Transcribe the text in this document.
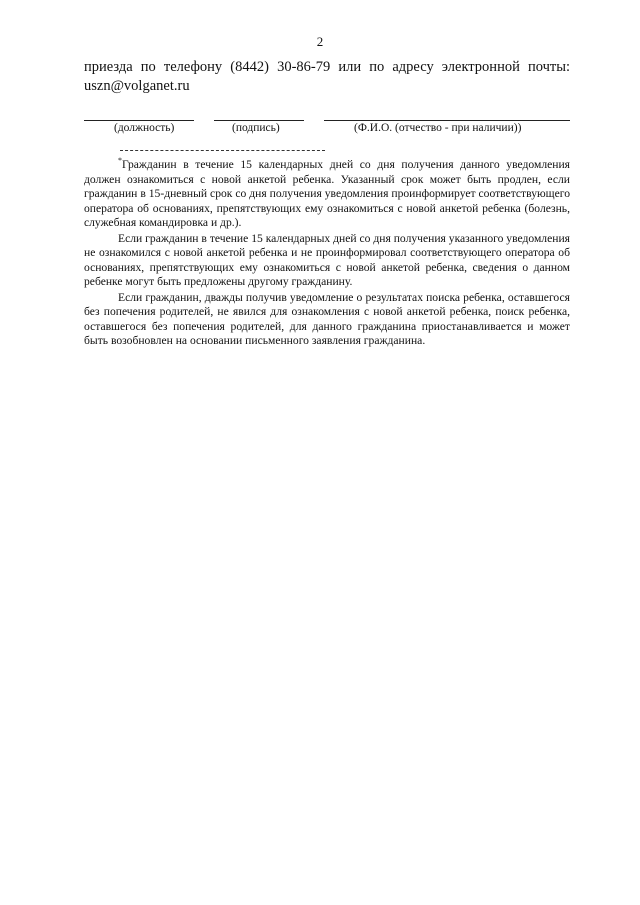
2
приезда по телефону (8442) 30-86-79 или по адресу электронной почты: uszn@volganet.ru
(должность)	(подпись)	(Ф.И.О. (отчество - при наличии))

*Гражданин в течение 15 календарных дней со дня получения данного уведомления должен ознакомиться с новой анкетой ребенка. Указанный срок может быть продлен, если гражданин в 15-дневный срок со дня получения уведомления проинформирует соответствующего оператора об основаниях, препятствующих ему ознакомиться с новой анкетой ребенка (болезнь, служебная командировка и др.).

Если гражданин в течение 15 календарных дней со дня получения указанного уведомления не ознакомился с новой анкетой ребенка и не проинформировал соответствующего оператора об основаниях, препятствующих ему ознакомиться с новой анкетой ребенка, сведения о данном ребенке могут быть предложены другому гражданину.

Если гражданин, дважды получив уведомление о результатах поиска ребенка, оставшегося без попечения родителей, не явился для ознакомления с новой анкетой ребенка, поиск ребенка, оставшегося без попечения родителей, для данного гражданина приостанавливается и может быть возобновлен на основании письменного заявления гражданина.
